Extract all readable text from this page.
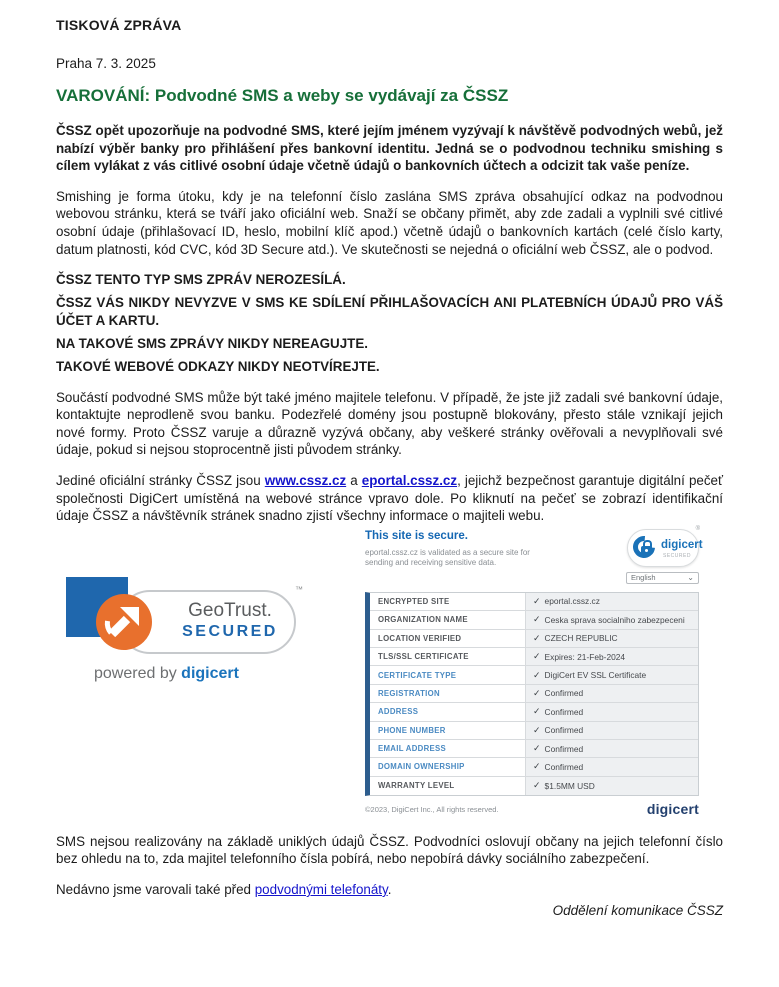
TISKOVÁ ZPRÁVA
Praha 7. 3. 2025
VAROVÁNÍ: Podvodné SMS a weby se vydávají za ČSSZ

ČSSZ opět upozorňuje na podvodné SMS, které jejím jménem vyzývají k návštěvě podvodných webů, jež nabízí výběr banky pro přihlášení přes bankovní identitu. Jedná se o podvodnou techniku smishing s cílem vylákat z vás citlivé osobní údaje včetně údajů o bankovních účtech a odcizit tak vaše peníze.

Smishing je forma útoku, kdy je na telefonní číslo zaslána SMS zpráva obsahující odkaz na podvodnou webovou stránku, která se tváří jako oficiální web. Snaží se občany přimět, aby zde zadali a vyplnili své citlivé osobní údaje (přihlašovací ID, heslo, mobilní klíč apod.) včetně údajů o bankovních kartách (celé číslo karty, datum platnosti, kód CVC, kód 3D Secure atd.). Ve skutečnosti se nejedná o oficiální web ČSSZ, ale o podvod.

ČSSZ TENTO TYP SMS ZPRÁV NEROZESÍLÁ.

ČSSZ VÁS NIKDY NEVYZVE V SMS KE SDÍLENÍ PŘIHLAŠOVACÍCH ANI PLATEBNÍCH ÚDAJŮ PRO VÁŠ ÚČET A KARTU.

NA TAKOVÉ SMS ZPRÁVY NIKDY NEREAGUJTE.

TAKOVÉ WEBOVÉ ODKAZY NIKDY NEOTVÍREJTE.

Součástí podvodné SMS může být také jméno majitele telefonu. V případě, že jste již zadali své bankovní údaje, kontaktujte neprodleně svou banku. Podezřelé domény jsou postupně blokovány, přesto stále vznikají jejich nové formy. Proto ČSSZ varuje a důrazně vyzývá občany, aby veškeré stránky ověřovali a nevyplňovali své údaje, pokud si nejsou stoprocentně jisti původem stránky.

Jediné oficiální stránky ČSSZ jsou www.cssz.cz a eportal.cssz.cz, jejichž bezpečnost garantuje digitální pečeť společnosti DigiCert umístěná na webové stránce vpravo dole. Po kliknutí na pečeť se zobrazí identifikační údaje ČSSZ a návštěvník stránek snadno zjistí všechny informace o majiteli webu.

™
GeoTrust.
SECURED
powered by digicert
This site is secure.
eportal.cssz.cz is validated as a secure site for sending and receiving sensitive data.
®
digicert
SECURED
English	⌄
ENCRYPTED SITE	✓ eportal.cssz.cz
ORGANIZATION NAME	✓ Ceska sprava socialniho zabezpeceni
LOCATION VERIFIED	✓ CZECH REPUBLIC
TLS/SSL CERTIFICATE	✓ Expires: 21-Feb-2024
CERTIFICATE TYPE	✓ DigiCert EV SSL Certificate
REGISTRATION	✓ Confirmed
ADDRESS	✓ Confirmed
PHONE NUMBER	✓ Confirmed
EMAIL ADDRESS	✓ Confirmed
DOMAIN OWNERSHIP	✓ Confirmed
WARRANTY LEVEL	✓ $1.5MM USD
©2023, DigiCert Inc., All rights reserved.	digicert

SMS nejsou realizovány na základě uniklých údajů ČSSZ. Podvodníci oslovují občany na jejich telefonní číslo bez ohledu na to, zda majitel telefonního čísla pobírá, nebo nepobírá dávky sociálního zabezpečení.

Nedávno jsme varovali také před podvodnými telefonáty.

Oddělení komunikace ČSSZ
